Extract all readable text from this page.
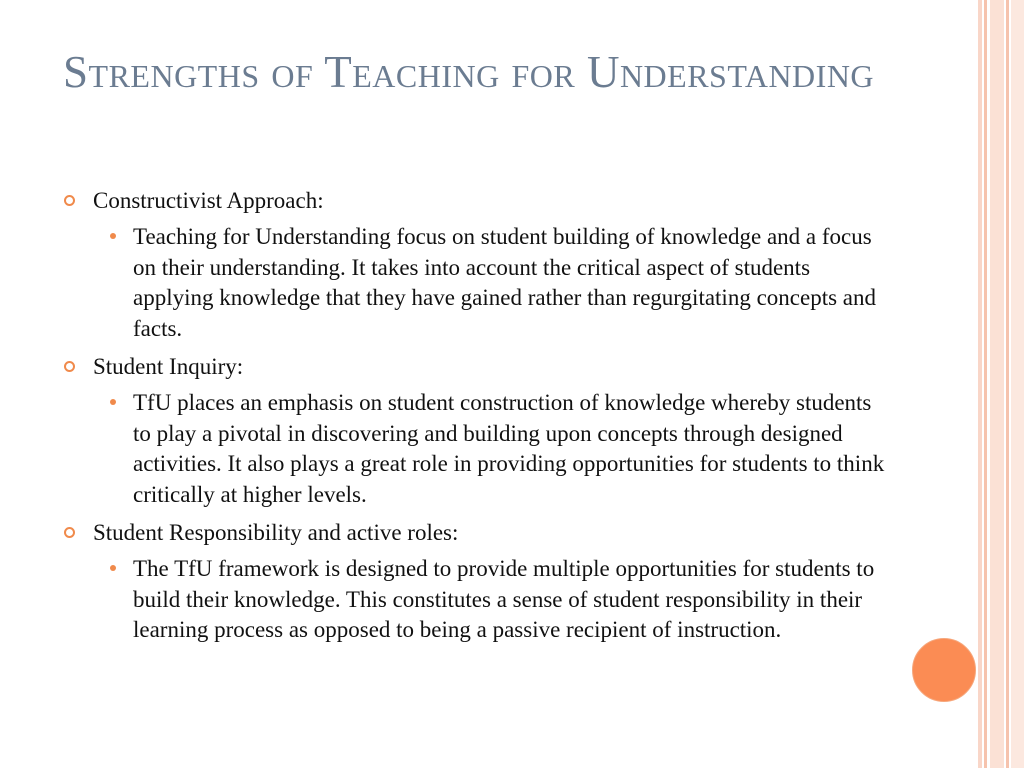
Strengths of Teaching for Understanding
Constructivist Approach:
Teaching for Understanding focus on student building of knowledge and a focus on their understanding. It takes into account the critical aspect of students applying knowledge that they have gained rather than regurgitating concepts and facts.
Student Inquiry:
TfU places an emphasis on student construction of knowledge whereby students to play a pivotal in discovering and building upon concepts through designed activities. It also plays a great role in providing opportunities for students to think critically at higher levels.
Student Responsibility and active roles:
The TfU framework is designed to provide multiple opportunities for students to build their knowledge. This constitutes a sense of student responsibility in their learning process as opposed to being a passive recipient of instruction.
